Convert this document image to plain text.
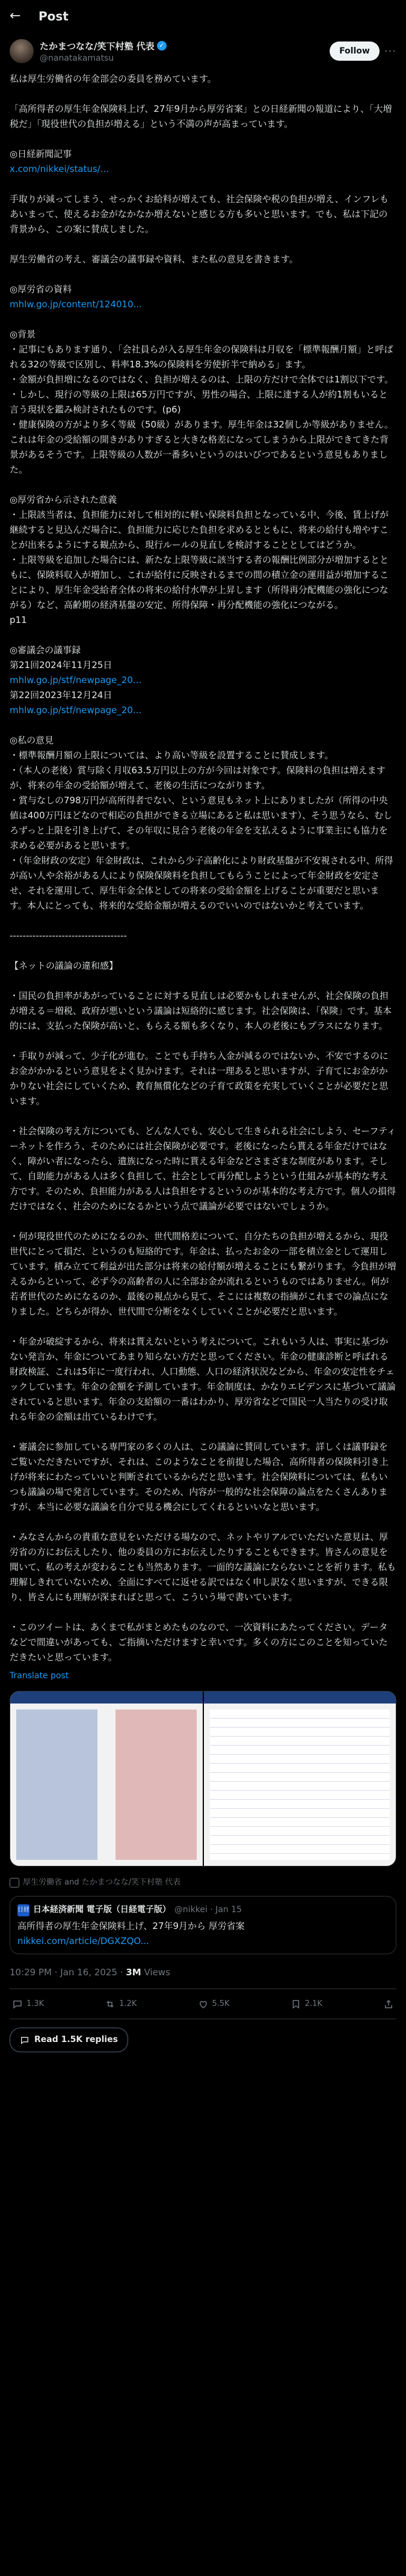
← Post
たかまつなな/笑下村塾 代表 ✓
@nanatakamatsu
Follow	···

私は厚生労働省の年金部会の委員を務めています。

「高所得者の厚生年金保険料上げ、27年9月から厚労省案」との日経新聞の報道により、「大増税だ」「現役世代の負担が増える」という不満の声が高まっています。

◎日経新聞記事

x.com/nikkei/status/...

手取りが減ってしまう、せっかくお給料が増えても、社会保険や税の負担が増え、インフレもあいまって、使えるお金がなかなか増えないと感じる方も多いと思います。でも、私は下記の背景から、この案に賛成しました。

厚生労働省の考え、審議会の議事録や資料、また私の意見を書きます。

◎厚労省の資料

mhlw.go.jp/content/124010...

◎背景
・記事にもあります通り、「会社員らが入る厚生年金の保険料は月収を「標準報酬月額」と呼ばれる32の等級で区別し、料率18.3%の保険料を労使折半で納める」ます。
・金額が負担増になるのではなく、負担が増えるのは、上限の方だけで全体では1割以下です。
・しかし、現行の等級の上限は65万円ですが、男性の場合、上限に達する人が約1割もいると言う現状を鑑み検討されたものです。(p6)
・健康保険の方がより多く等級（50級）があります。厚生年金は32個しか等級がありません。これは年金の受給額の開きがありすぎると大きな格差になってしまうから上限ができてきた背景があるそうです。上限等級の人数が一番多いというのはいびつであるという意見もありました。

◎厚労省から示された意義
・上限該当者は、負担能力に対して相対的に軽い保険料負担となっている中、今後、賃上げが継続すると見込んだ場合に、負担能力に応じた負担を求めるとともに、将来の給付も増やすことが出来るようにする観点から、現行ルールの見直しを検討することとしてはどうか。
・上限等級を追加した場合には、新たな上限等級に該当する者の報酬比例部分が増加するとともに、保険料収入が増加し、これが給付に反映されるまでの間の積立金の運用益が増加することにより、厚生年金受給者全体の将来の給付水準が上昇します（所得再分配機能の強化につながる）など、高齢期の経済基盤の安定、所得保障・再分配機能の強化につながる。
p11

◎審議会の議事録
第21回2024年11月25日

mhlw.go.jp/stf/newpage_20...

第22回2023年12月24日

mhlw.go.jp/stf/newpage_20...

◎私の意見
・標準報酬月額の上限については、より高い等級を設置することに賛成します。
・（本人の老後）賞与除く月収63.5万円以上の方が今回は対象です。保険料の負担は増えますが、将来の年金の受給額が増えて、老後の生活につながります。
・賞与なしの798万円が高所得者でない、という意見もネット上にありましたが（所得の中央値は400万円ほどなので相応の負担ができる立場にあると私は思います）、そう思うなら、むしろずっと上限を引き上げて、その年収に見合う老後の年金を支払えるように事業主にも協力を求める必要があると思います。
・（年金財政の安定）年金財政は、これから少子高齢化により財政基盤が不安視される中、所得が高い人や余裕がある人により保険保険料を負担してもらうことによって年金財政を安定させ、それを運用して、厚生年金全体としての将来の受給金額を上げることが重要だと思います。本人にとっても、将来的な受給金額が増えるのでいいのではないかと考えています。

‐‐‐‐‐‐‐‐‐‐‐‐‐‐‐‐‐‐‐‐‐‐‐‐‐‐‐‐‐‐‐‐‐‐‐‐

【ネットの議論の違和感】

・国民の負担率があがっていることに対する見直しは必要かもしれませんが、社会保険の負担が増える＝増税、政府が悪いという議論は短絡的に感じます。社会保険は、「保険」です。基本的には、支払った保険が高いと、もらえる額も多くなり、本人の老後にもプラスになります。

・手取りが減って、少子化が進む。ことでも手持ち入金が減るのではないか、不安でするのにお金がかかるという意見をよく見かけます。それは一理あると思いますが、子育てにお金がかかりない社会にしていくため、教育無償化などの子育て政策を充実していくことが必要だと思います。

・社会保険の考え方についても、どんな人でも、安心して生きられる社会にしよう、セーフティーネットを作ろう、そのためには社会保険が必要です。老後になったら貰える年金だけではなく、障がい者になったら、遺族になった時に貰える年金などさまざまな制度があります。そして、自助能力がある人は多く負担して、社会として再分配しようという仕組みが基本的な考え方です。そのため、負担能力がある人は負担をするというのが基本的な考え方です。個人の損得だけではなく、社会のためになるかという点で議論が必要ではないでしょうか。

・何が現役世代のためになるのか、世代間格差について、自分たちの負担が増えるから、現役世代にとって損だ、というのも短絡的です。年金は、払ったお金の一部を積立金として運用しています。積み立てて利益が出た部分は将来の給付額が増えることにも繋がります。今負担が増えるからといって、必ず今の高齢者の人に全部お金が流れるというものではありません。何が若者世代のためになるのか、最後の視点から見て、そこには複数の指摘がこれまでの論点になりました。どちらが得か、世代間で分断をなくしていくことが必要だと思います。

・年金が破綻するから、将来は貰えないという考えについて。これもいう人は、事実に基づかない発言か、年金についてあまり知らない方だと思ってください。年金の健康診断と呼ばれる財政検証、これは5年に一度行われ、人口動態、人口の経済状況などから、年金の安定性をチェックしています。年金の金額を予測しています。年金制度は、かなりエビデンスに基づいて議論されていると思います。年金の支給額の一番はわかり、厚労省などで国民一人当たりの受け取れる年金の金額は出ているわけです。

・審議会に参加している専門家の多くの人は、この議論に賛同しています。詳しくは議事録をご覧いただきたいですが、それは、このようなことを前提した場合、高所得者の保険料引き上げが将来にわたっていいと判断されているからだと思います。社会保険料については、私もいつも議論の場で発言しています。そのため、内容が一般的な社会保障の論点をたくさんありますが、本当に必要な議論を自分で見る機会にしてくれるといいなと思います。

・みなさんからの貴重な意見をいただける場なので、ネットやリアルでいただいた意見は、厚労省の方にお伝えしたり、他の委員の方にお伝えしたりすることもできます。皆さんの意見を聞いて、私の考えが変わることも当然あります。一面的な議論にならないことを祈ります。私も理解しきれていないため、全面にすべてに返せる訳ではなく申し訳なく思いますが、できる限り、皆さんにも理解が深まればと思って、こういう場で書いています。

・このツイートは、あくまで私がまとめたものなので、一次資料にあたってください。データなどで間違いがあっても、ご指摘いただけますと幸いです。多くの方にこのことを知っていただきたいと思っています。

Translate post
厚生労働省 and たかまつなな/笑下村塾 代表
日経 日本経済新聞 電子版（日経電子版） @nikkei · Jan 15
高所得者の厚生年金保険料上げ、27年9月から 厚労省案
nikkei.com/article/DGXZQO...
10:29 PM · Jan 16, 2025 · 3M Views
1.3K	1.2K	5.5K	2.1K
Read 1.5K replies
